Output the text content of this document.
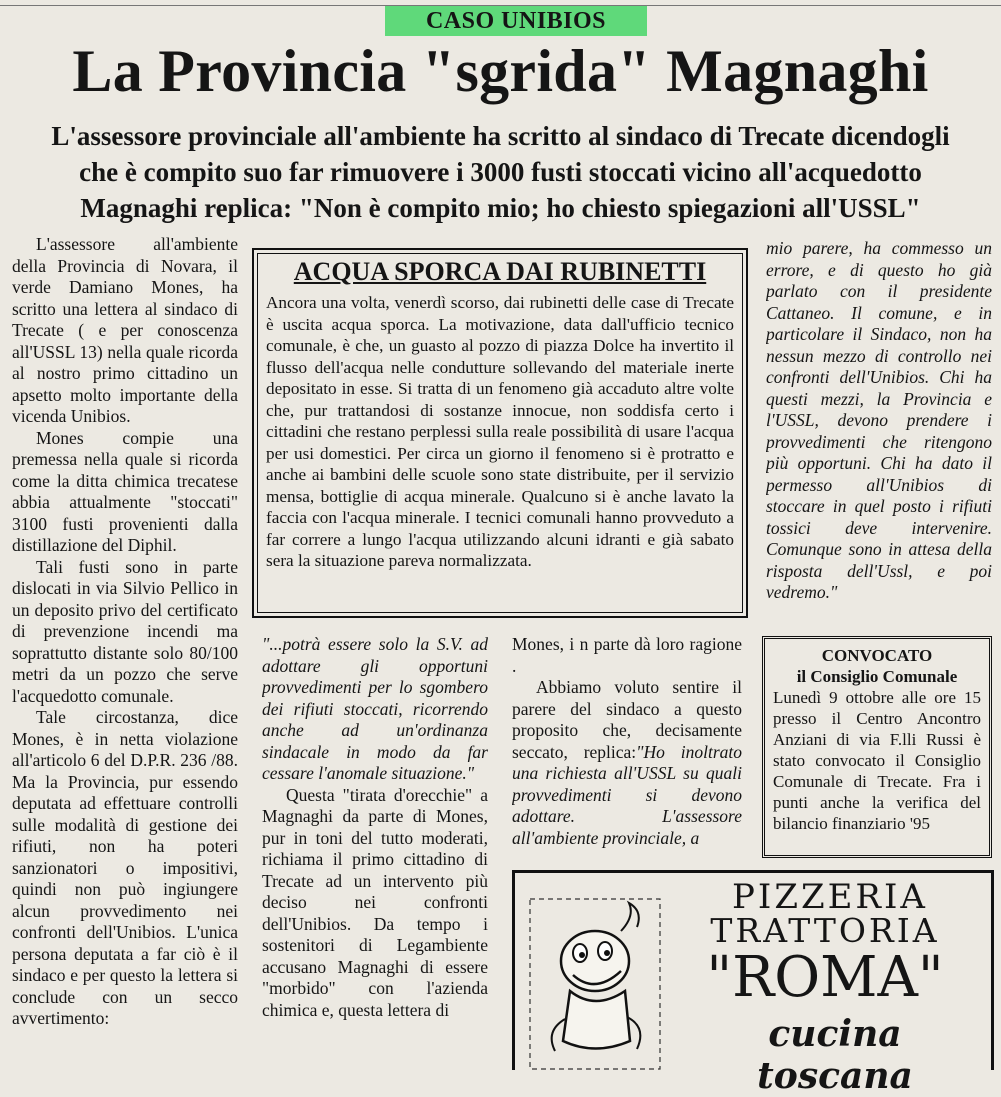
CASO UNIBIOS
La Provincia "sgrida" Magnaghi
L'assessore provinciale all'ambiente ha scritto al sindaco di Trecate dicendogli
che è compito suo far rimuovere i 3000 fusti stoccati vicino all'acquedotto
Magnaghi replica: "Non è compito mio; ho chiesto spiegazioni all'USSL"

L'assessore all'ambiente della Provincia di Novara, il verde Damiano Mones, ha scritto una lettera al sindaco di Trecate ( e per conoscenza all'USSL 13) nella quale ricorda al nostro primo cittadino un apsetto molto importante della vicenda Unibios.

Mones compie una premessa nella quale si ricorda come la ditta chimica trecatese abbia attualmente "stoccati" 3100 fusti provenienti dalla distillazione del Diphil.

Tali fusti sono in parte dislocati in via Silvio Pellico in un deposito privo del certificato di prevenzione incendi ma soprattutto distante solo 80/100 metri da un pozzo che serve l'acquedotto comunale.

Tale circostanza, dice Mones, è in netta violazione all'articolo 6 del D.P.R. 236 /88. Ma la Provincia, pur essendo deputata ad effettuare controlli sulle modalità di gestione dei rifiuti, non ha poteri sanzionatori o impositivi, quindi non può ingiungere alcun provvedimento nei confronti dell'Unibios. L'unica persona deputata a far ciò è il sindaco e per questo la lettera si conclude con un secco avvertimento:

ACQUA SPORCA DAI RUBINETTI
Ancora una volta, venerdì scorso, dai rubinetti delle case di Trecate è uscita acqua sporca. La motivazione, data dall'ufficio tecnico comunale, è che, un guasto al pozzo di piazza Dolce ha invertito il flusso dell'acqua nelle condutture sollevando del materiale inerte depositato in esse. Si tratta di un fenomeno già accaduto altre volte che, pur trattandosi di sostanze innocue, non soddisfa certo i cittadini che restano perplessi sulla reale possibilità di usare l'acqua per usi domestici. Per circa un giorno il fenomeno si è protratto e anche ai bambini delle scuole sono state distribuite, per il servizio mensa, bottiglie di acqua minerale. Qualcuno si è anche lavato la faccia con l'acqua minerale. I tecnici comunali hanno provveduto a far correre a lungo l'acqua utilizzando alcuni idranti e già sabato sera la situazione pareva normalizzata.

mio parere, ha commesso un errore, e di questo ho già parlato con il presidente Cattaneo. Il comune, e in particolare il Sindaco, non ha nessun mezzo di controllo nei confronti dell'Unibios. Chi ha questi mezzi, la Provincia e l'USSL, devono prendere i provvedimenti che ritengono più opportuni. Chi ha dato il permesso all'Unibios di stoccare in quel posto i rifiuti tossici deve intervenire. Comunque sono in attesa della risposta dell'Ussl, e poi vedremo."

"...potrà essere solo la S.V. ad adottare gli opportuni provvedimenti per lo sgombero dei rifiuti stoccati, ricorrendo anche ad un'ordinanza sindacale in modo da far cessare l'anomale situazione."

Questa "tirata d'orecchie" a Magnaghi da parte di Mones, pur in toni del tutto moderati, richiama il primo cittadino di Trecate ad un intervento più deciso nei confronti dell'Unibios. Da tempo i sostenitori di Legambiente accusano Magnaghi di essere "morbido" con l'azienda chimica e, questa lettera di

Mones, i n parte dà loro ragione .

Abbiamo voluto sentire il parere del sindaco a questo proposito che, decisamente seccato, replica:"Ho inoltrato una richiesta all'USSL su quali provvedimenti si devono adottare. L'assessore all'ambiente provinciale, a

CONVOCATO
il Consiglio Comunale
Lunedì 9 ottobre alle ore 15 presso il Centro Ancontro Anziani di via F.lli Russi è stato convocato il Consiglio Comunale di Trecate. Fra i punti anche la verifica del bilancio finanziario '95
PIZZERIA
TRATTORIA
"ROMA"
cucina toscana
